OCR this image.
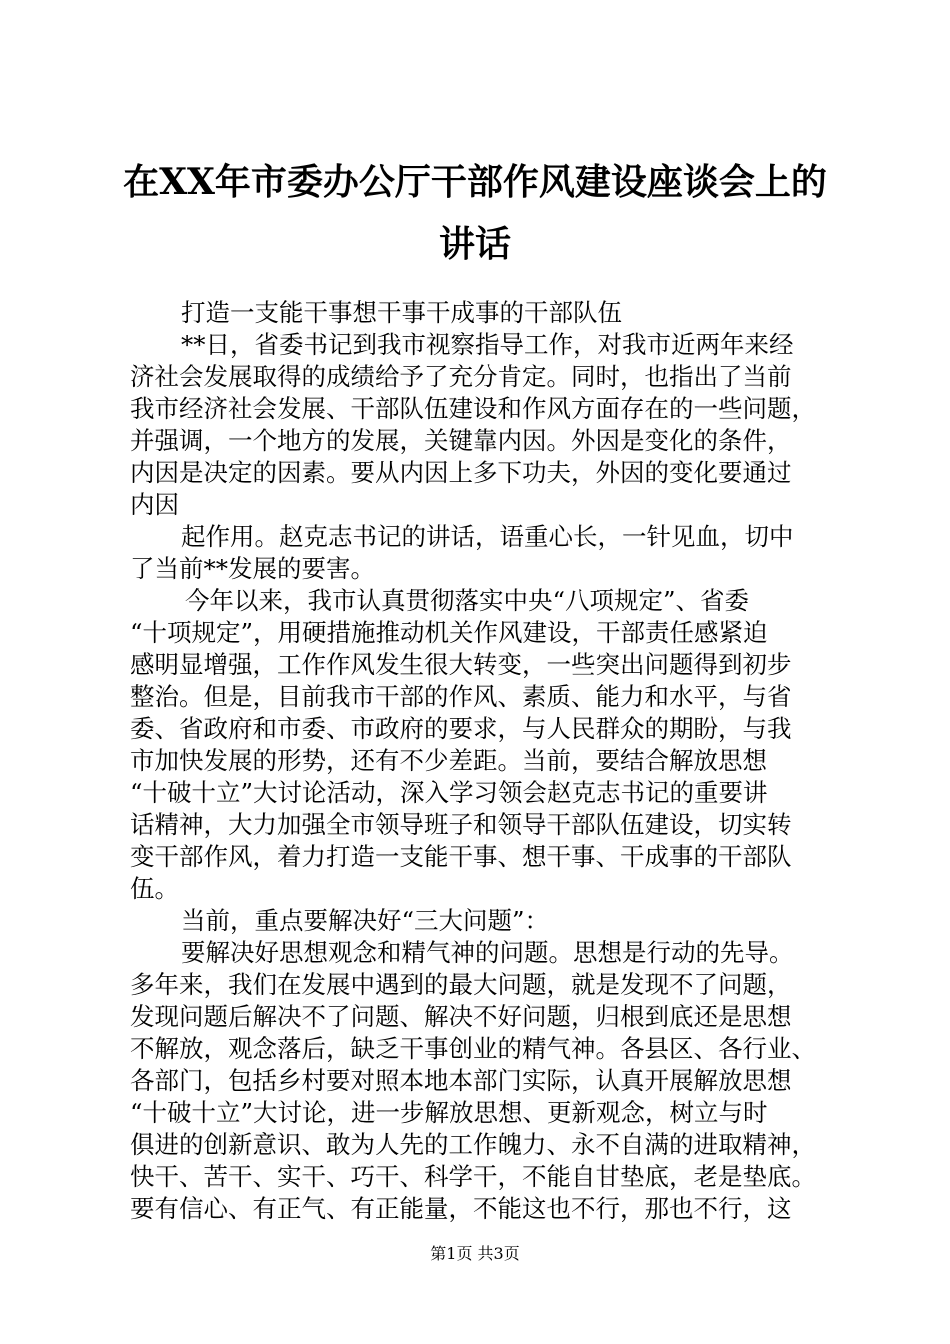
在XX年市委办公厅干部作风建设座谈会上的
讲话
打造一支能干事想干事干成事的干部队伍
**日，省委书记到我市视察指导工作，对我市近两年来经
济社会发展取得的成绩给予了充分肯定。同时，也指出了当前
我市经济社会发展、干部队伍建设和作风方面存在的一些问题，
并强调，一个地方的发展，关键靠内因。外因是变化的条件，
内因是决定的因素。要从内因上多下功夫，外因的变化要通过
内因
起作用。赵克志书记的讲话，语重心长，一针见血，切中
了当前**发展的要害。
今年以来，我市认真贯彻落实中央“八项规定”、省委
“十项规定”，用硬措施推动机关作风建设，干部责任感紧迫
感明显增强，工作作风发生很大转变，一些突出问题得到初步
整治。但是，目前我市干部的作风、素质、能力和水平，与省
委、省政府和市委、市政府的要求，与人民群众的期盼，与我
市加快发展的形势，还有不少差距。当前，要结合解放思想
“十破十立”大讨论活动，深入学习领会赵克志书记的重要讲
话精神，大力加强全市领导班子和领导干部队伍建设，切实转
变干部作风，着力打造一支能干事、想干事、干成事的干部队
伍。
当前，重点要解决好“三大问题”：
要解决好思想观念和精气神的问题。思想是行动的先导。
多年来，我们在发展中遇到的最大问题，就是发现不了问题，
发现问题后解决不了问题、解决不好问题，归根到底还是思想
不解放，观念落后，缺乏干事创业的精气神。各县区、各行业、
各部门，包括乡村要对照本地本部门实际，认真开展解放思想
“十破十立”大讨论，进一步解放思想、更新观念，树立与时
俱进的创新意识、敢为人先的工作魄力、永不自满的进取精神，
快干、苦干、实干、巧干、科学干，不能自甘垫底，老是垫底。
要有信心、有正气、有正能量，不能这也不行，那也不行，这
第1页 共3页
